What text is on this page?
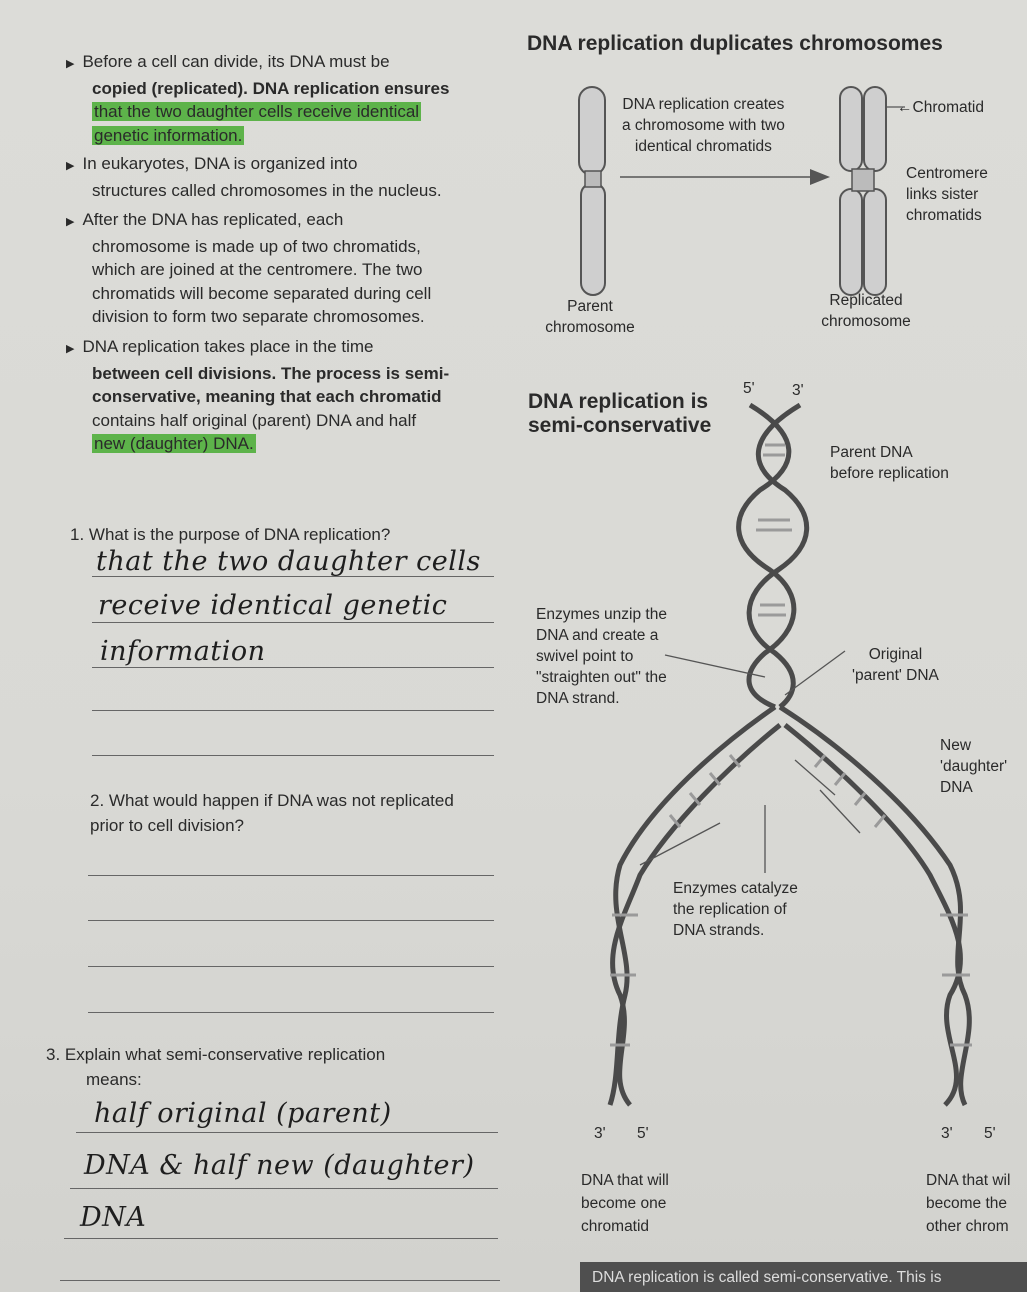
▶ Before a cell can divide, its DNA must be
copied (replicated). DNA replication ensures
that the two daughter cells receive identical
genetic information.
▶ In eukaryotes, DNA is organized into
structures called chromosomes in the nucleus.
▶ After the DNA has replicated, each
chromosome is made up of two chromatids,
which are joined at the centromere. The two
chromatids will become separated during cell
division to form two separate chromosomes.
▶ DNA replication takes place in the time
between cell divisions. The process is semi-
conservative, meaning that each chromatid
contains half original (parent) DNA and half
new (daughter) DNA.
DNA replication duplicates chromosomes
DNA replication creates
a chromosome with two
identical chromatids
←Chromatid
Centromere
links sister
chromatids
Parent
chromosome
Replicated
chromosome
DNA replication is
semi-conservative
5' 3'
Parent DNA
before replication
Enzymes unzip the
DNA and create a
swivel point to
"straighten out" the
DNA strand.
Original
'parent' DNA
New
'daughter'
DNA
Enzymes catalyze
the replication of
DNA strands.
3' 5'	3' 5'
DNA that will
become one
chromatid
DNA that wil
become the
other chrom
DNA replication is called semi-conservative. This is
1. What is the purpose of DNA replication?
that the two daughter cells
receive identical genetic
information
2. What would happen if DNA was not replicated
prior to cell division?
3. Explain what semi-conservative replication
means:
half original (parent)
DNA & half new (daughter)
DNA
